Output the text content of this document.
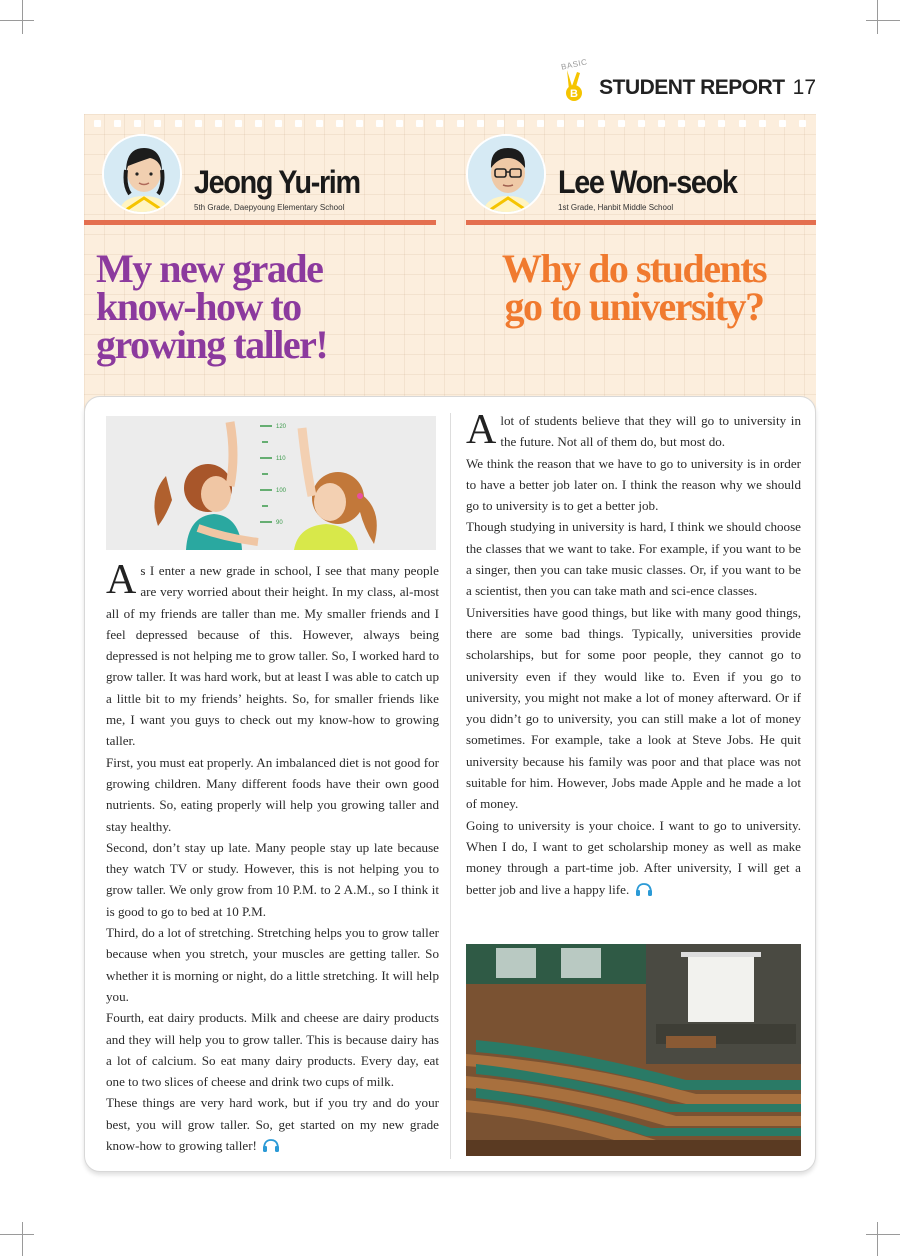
BASIC
B STUDENT REPORT 17
Jeong Yu-rim
5th Grade, Daepyoung Elementary School
Lee Won-seok
1st Grade, Hanbit Middle School
My new grade
know-how to
growing taller!
Why do students
go to university?
120
110
100
90

As I enter a new grade in school, I see that many people are very worried about their height. In my class, al-most all of my friends are taller than me. My smaller friends and I feel depressed because of this. However, always being depressed is not helping me to grow taller. So, I worked hard to grow taller. It was hard work, but at least I was able to catch up a little bit to my friends’ heights. So, for smaller friends like me, I want you guys to check out my know-how to growing taller.

First, you must eat properly. An imbalanced diet is not good for growing children. Many different foods have their own good nutrients. So, eating properly will help you growing taller and stay healthy.

Second, don’t stay up late. Many people stay up late because they watch TV or study. However, this is not helping you to grow taller. We only grow from 10 P.M. to 2 A.M., so I think it is good to go to bed at 10 P.M.

Third, do a lot of stretching. Stretching helps you to grow taller because when you stretch, your muscles are getting taller. So whether it is morning or night, do a little stretching. It will help you.

Fourth, eat dairy products. Milk and cheese are dairy products and they will help you to grow taller. This is because dairy has a lot of calcium. So eat many dairy products. Every day, eat one to two slices of cheese and drink two cups of milk.

These things are very hard work, but if you try and do your best, you will grow taller. So, get started on my new grade know-how to growing taller!

Alot of students believe that they will go to university in the future. Not all of them do, but most do.

We think the reason that we have to go to university is in order to have a better job later on. I think the reason why we should go to university is to get a better job.

Though studying in university is hard, I think we should choose the classes that we want to take. For example, if you want to be a singer, then you can take music classes. Or, if you want to be a scientist, then you can take math and sci-ence classes.

Universities have good things, but like with many good things, there are some bad things. Typically, universities provide scholarships, but for some poor people, they cannot go to university even if they would like to. Even if you go to university, you might not make a lot of money afterward. Or if you didn’t go to university, you can still make a lot of money sometimes. For example, take a look at Steve Jobs. He quit university because his family was poor and that place was not suitable for him. However, Jobs made Apple and he made a lot of money.

Going to university is your choice. I want to go to university. When I do, I want to get scholarship money as well as make money through a part-time job. After university, I will get a better job and live a happy life.
